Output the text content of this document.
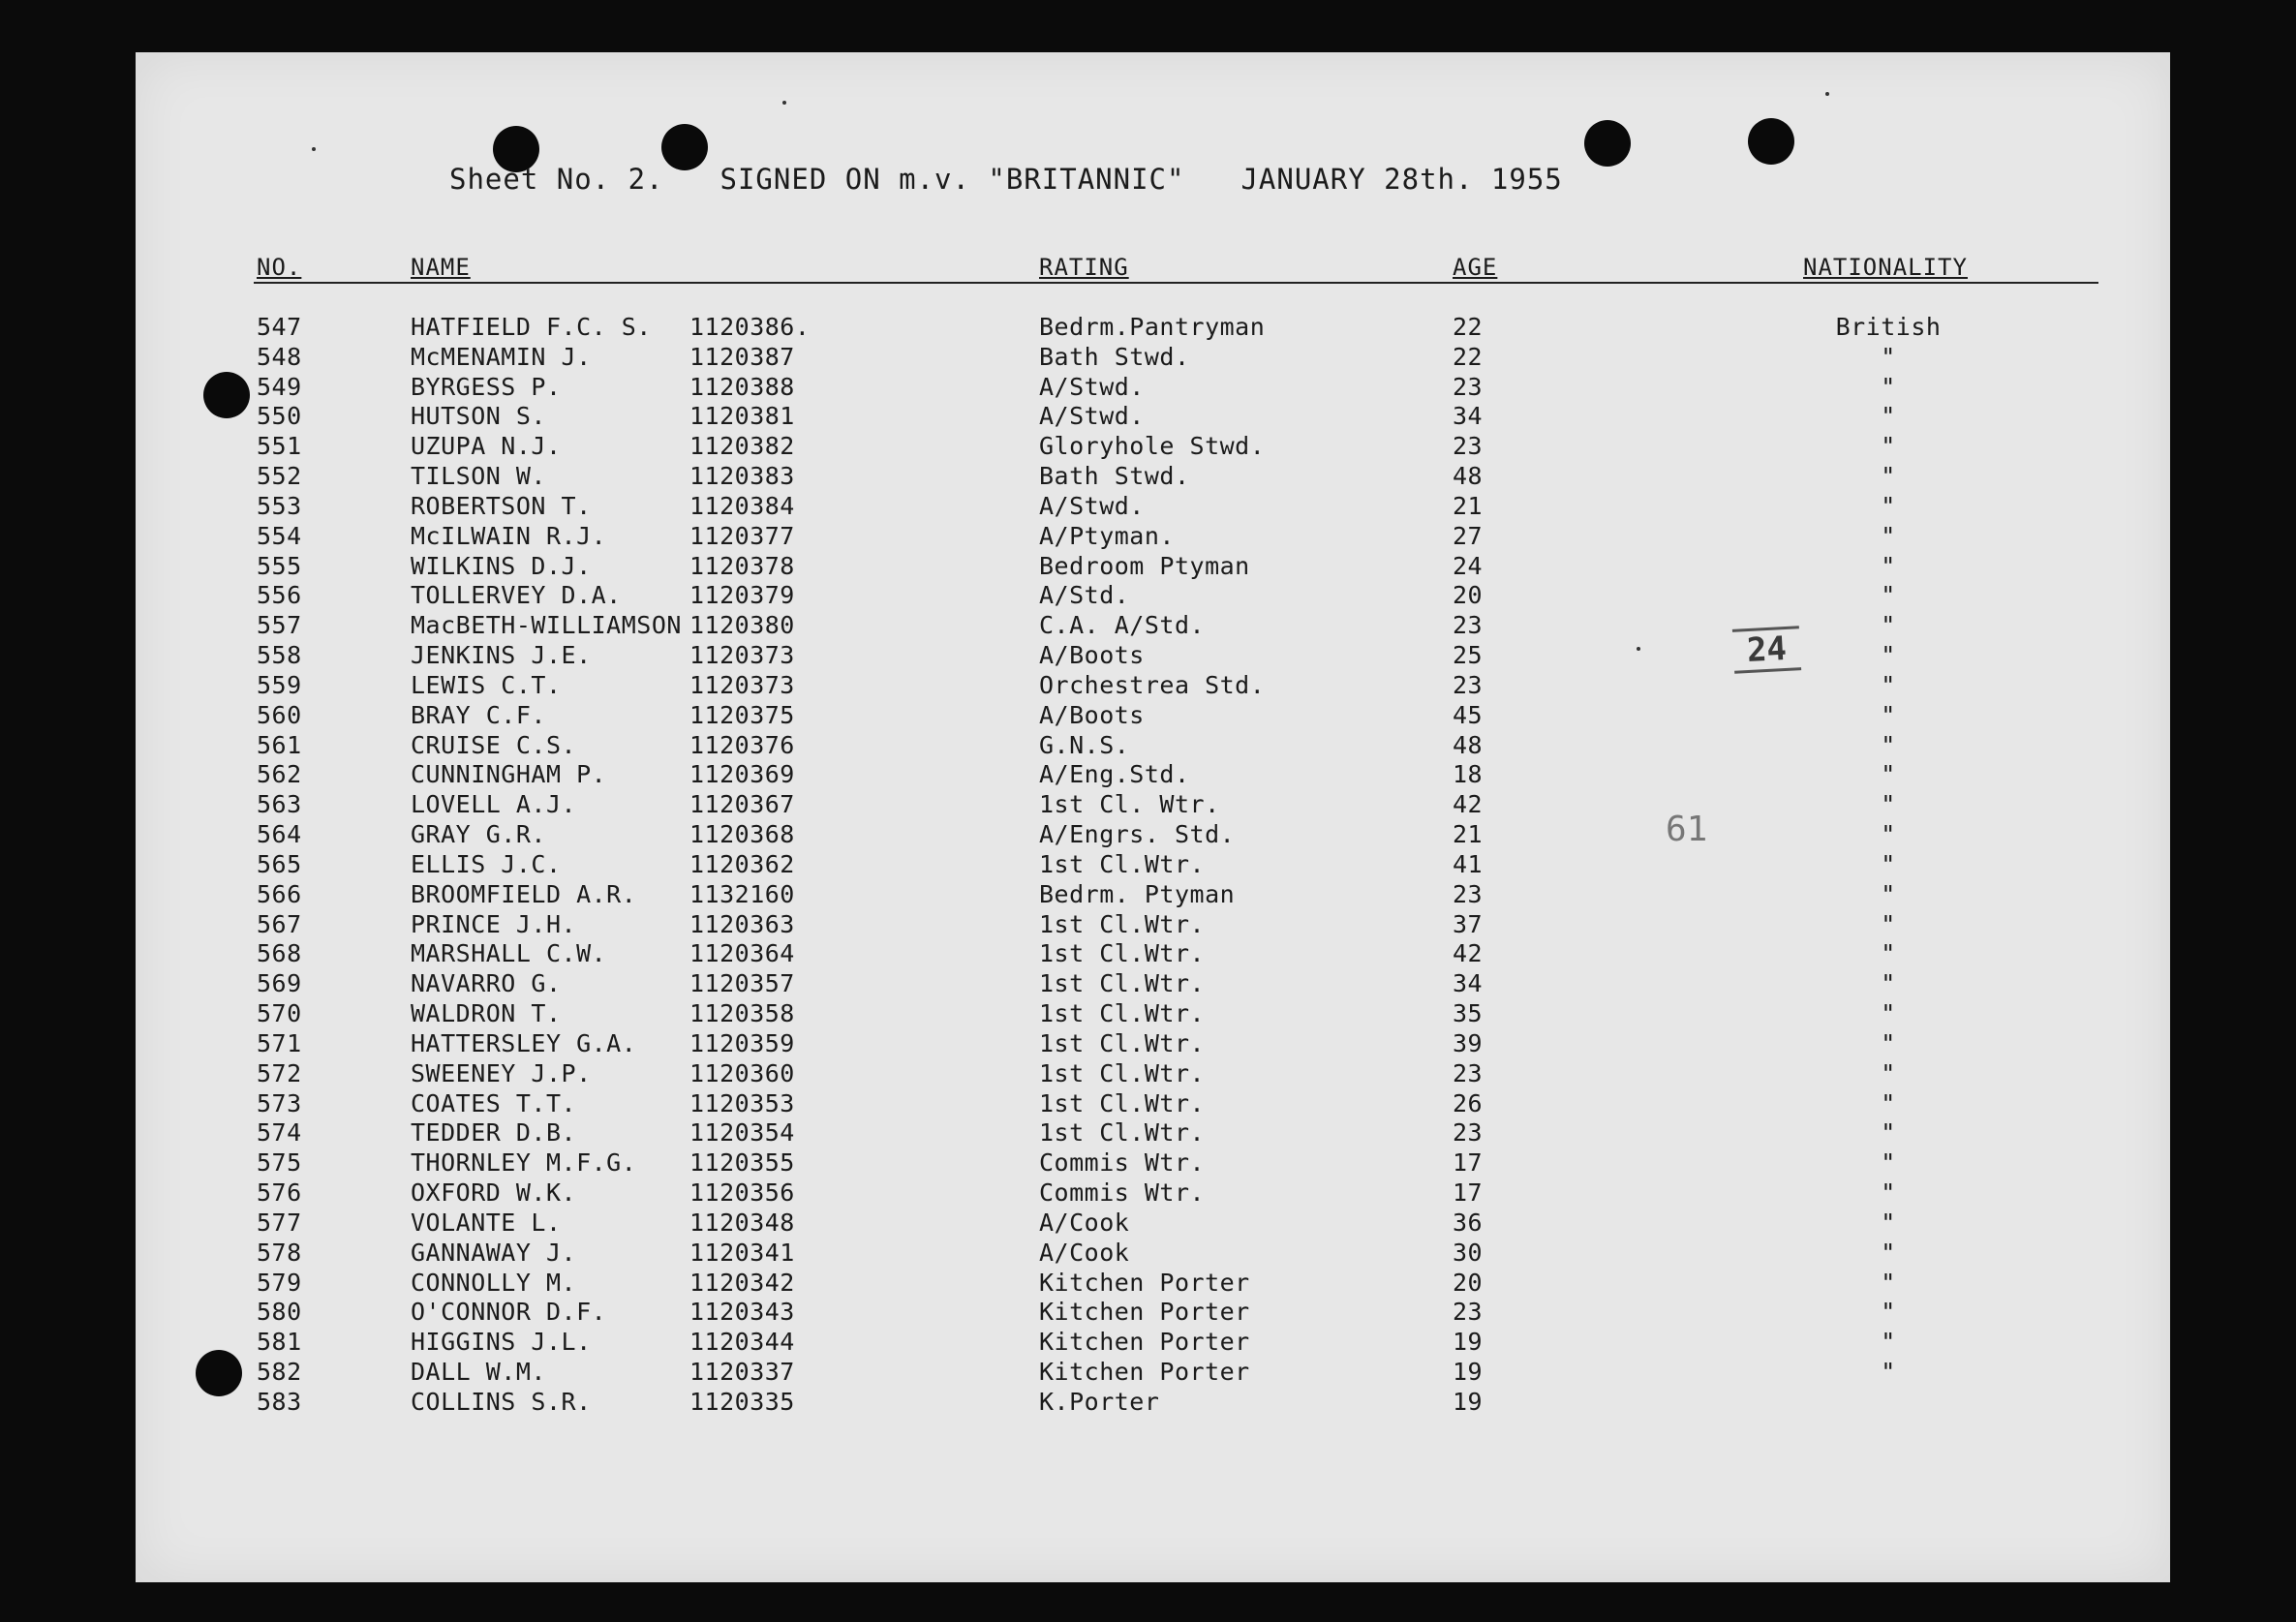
Sheet No. 2. SIGNED ON m.v. "BRITANNIC" JANUARY 28th. 1955
NO.	NAME	RATING	AGE	NATIONALITY
547	HATFIELD F.C. S. 1120386.	Bedrm.Pantryman	22	British
548	McMENAMIN J.	1120387	Bath Stwd.	22	"
549	BYRGESS P.	1120388	A/Stwd.	23	"
550	HUTSON S.	1120381	A/Stwd.	34	"
551	UZUPA N.J.	1120382	Gloryhole Stwd.	23	"
552	TILSON W.	1120383	Bath Stwd.	48	"
553	ROBERTSON T.	1120384	A/Stwd.	21	"
554	McILWAIN R.J.	1120377	A/Ptyman.	27	"
555	WILKINS D.J.	1120378	Bedroom Ptyman	24	"
556	TOLLERVEY D.A.	1120379	A/Std.	20	"
557	MacBETH-WILLIAMSON 1120380	C.A. A/Std.	23	"
558	JENKINS J.E.	1120373	A/Boots	25	"
559	LEWIS C.T.	1120373	Orchestrea Std.	23	"
560	BRAY C.F.	1120375	A/Boots	45	"
561	CRUISE C.S.	1120376	G.N.S.	48	"
562	CUNNINGHAM P.	1120369	A/Eng.Std.	18	"
563	LOVELL A.J.	1120367	1st Cl. Wtr.	42	"
564	GRAY G.R.	1120368	A/Engrs. Std.	21	"
565	ELLIS J.C.	1120362	1st Cl.Wtr.	41	"
566	BROOMFIELD A.R. 1132160	Bedrm. Ptyman	23	"
567	PRINCE J.H.	1120363	1st Cl.Wtr.	37	"
568	MARSHALL C.W.	1120364	1st Cl.Wtr.	42	"
569	NAVARRO G.	1120357	1st Cl.Wtr.	34	"
570	WALDRON T.	1120358	1st Cl.Wtr.	35	"
571	HATTERSLEY G.A. 1120359	1st Cl.Wtr.	39	"
572	SWEENEY J.P.	1120360	1st Cl.Wtr.	23	"
573	COATES T.T.	1120353	1st Cl.Wtr.	26	"
574	TEDDER D.B.	1120354	1st Cl.Wtr.	23	"
575	THORNLEY M.F.G. 1120355	Commis Wtr.	17	"
576	OXFORD W.K.	1120356	Commis Wtr.	17	"
577	VOLANTE L.	1120348	A/Cook	36	"
578	GANNAWAY J.	1120341	A/Cook	30	"
579	CONNOLLY M.	1120342	Kitchen Porter	20	"
580	O'CONNOR D.F.	1120343	Kitchen Porter	23	"
581	HIGGINS J.L.	1120344	Kitchen Porter	19	"
582	DALL W.M.	1120337	Kitchen Porter	19	"
583	COLLINS S.R.	1120335	K.Porter	19
24
61
